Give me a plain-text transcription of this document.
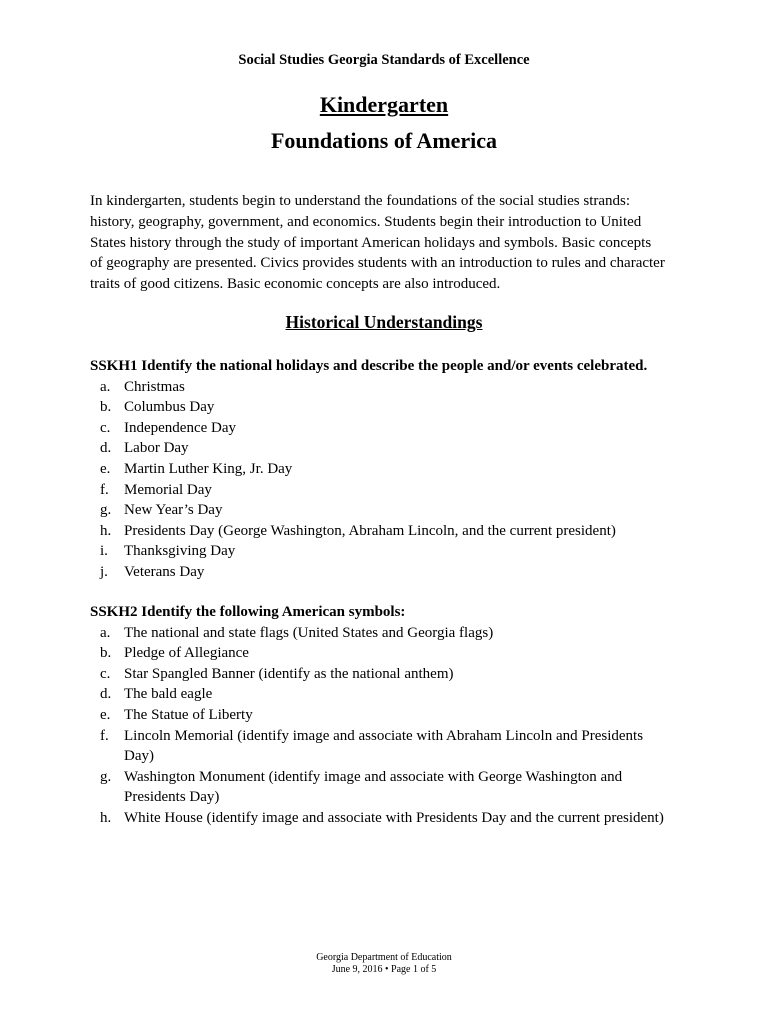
Social Studies Georgia Standards of Excellence
Kindergarten
Foundations of America

In kindergarten, students begin to understand the foundations of the social studies strands: history, geography, government, and economics. Students begin their introduction to United States history through the study of important American holidays and symbols. Basic concepts of geography are presented. Civics provides students with an introduction to rules and character traits of good citizens. Basic economic concepts are also introduced.

Historical Understandings
SSKH1 Identify the national holidays and describe the people and/or events celebrated.
a. Christmas
b. Columbus Day
c. Independence Day
d. Labor Day
e. Martin Luther King, Jr. Day
f. Memorial Day
g. New Year’s Day
h. Presidents Day (George Washington, Abraham Lincoln, and the current president)
i. Thanksgiving Day
j. Veterans Day
SSKH2 Identify the following American symbols:
a. The national and state flags (United States and Georgia flags)
b. Pledge of Allegiance
c. Star Spangled Banner (identify as the national anthem)
d. The bald eagle
e. The Statue of Liberty
f. Lincoln Memorial (identify image and associate with Abraham Lincoln and Presidents Day)
g. Washington Monument (identify image and associate with George Washington and Presidents Day)
h. White House (identify image and associate with Presidents Day and the current president)
Georgia Department of Education
June 9, 2016 • Page 1 of 5
